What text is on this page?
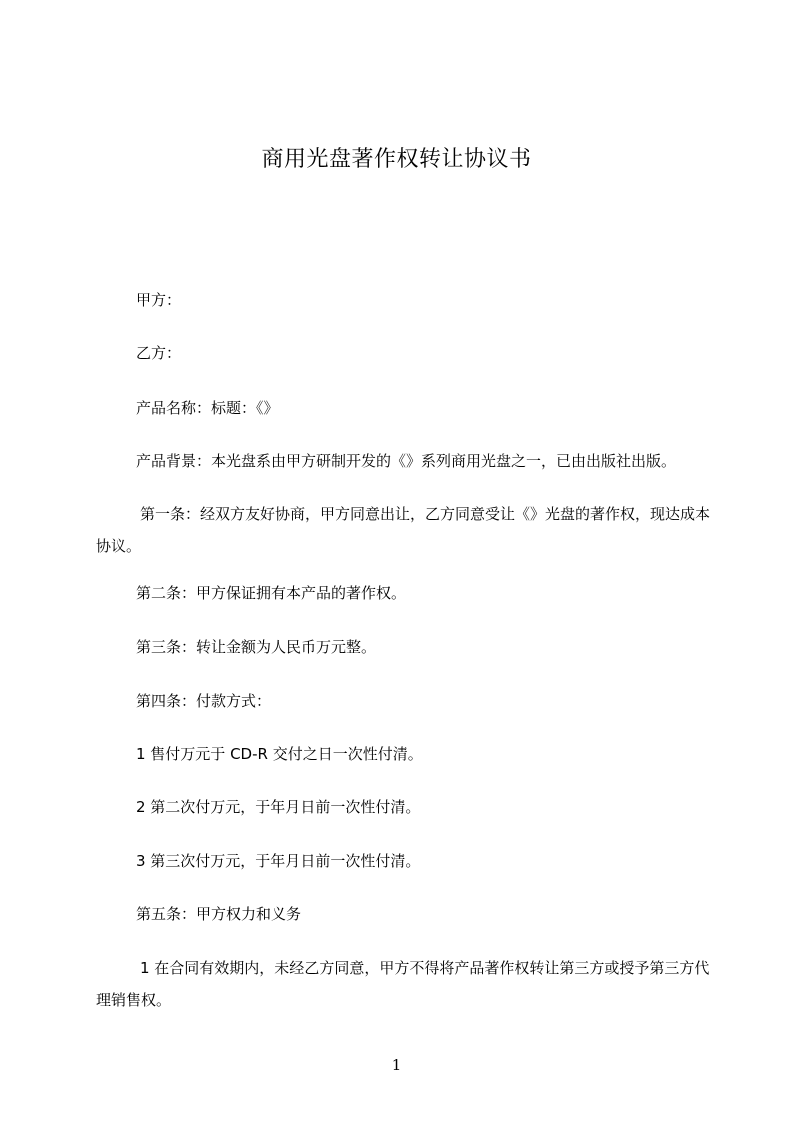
商用光盘著作权转让协议书
甲方：
乙方：
产品名称：标题：《》
产品背景：本光盘系由甲方研制开发的《》系列商用光盘之一，已由出版社出版。
第一条：经双方友好协商，甲方同意出让，乙方同意受让《》光盘的著作权，现达成本协议。
第二条：甲方保证拥有本产品的著作权。
第三条：转让金额为人民币万元整。
第四条：付款方式：
1 售付万元于 CD-R 交付之日一次性付清。
2 第二次付万元，于年月日前一次性付清。
3 第三次付万元，于年月日前一次性付清。
第五条：甲方权力和义务
1 在合同有效期内，未经乙方同意，甲方不得将产品著作权转让第三方或授予第三方代理销售权。
1
